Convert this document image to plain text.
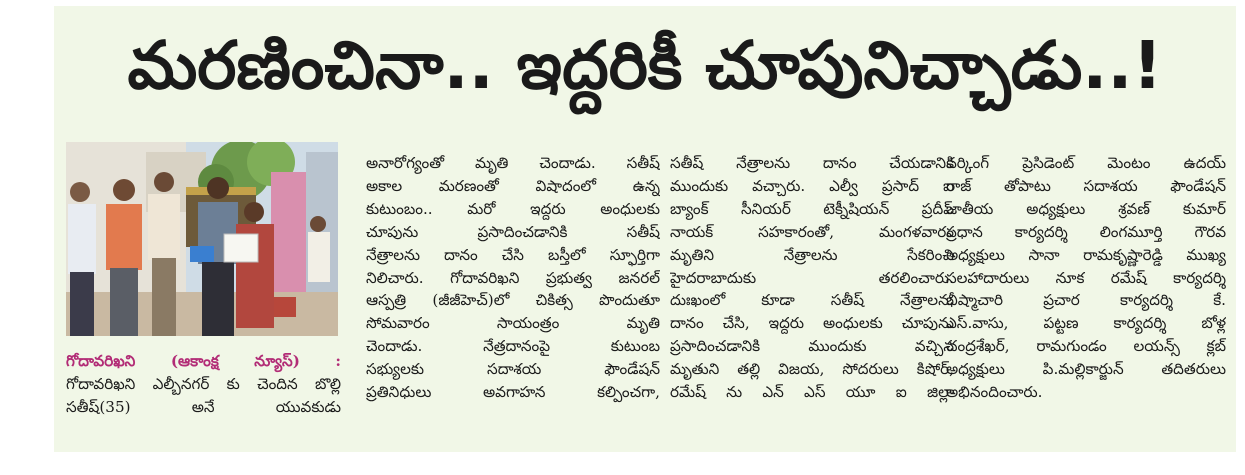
మరణించినా.. ఇద్దరికీ చూపునిచ్చాడు..!
గోదావరిఖని (ఆకాంక్ష న్యూస్) :
గోదావరిఖని ఎల్బీనగర్ కు చెందిన బొల్లి
సతీష్(35) అనే యువకుడు
అనారోగ్యంతో మృతి చెందాడు. సతీష్
అకాల మరణంతో విషాదంలో ఉన్న
కుటుంబం.. మరో ఇద్దరు అంధులకు
చూపును ప్రసాదించడానికి సతీష్
నేత్రాలను దానం చేసి బస్తీలో స్ఫూర్తిగా
నిలిచారు. గోదావరిఖని ప్రభుత్వ జనరల్
ఆస్పత్రి (జీజీహెచ్)లో చికిత్స పొందుతూ
సోమవారం సాయంత్రం మృతి
చెందాడు. నేత్రదానంపై కుటుంబ
సభ్యులకు సదాశయ ఫౌండేషన్
ప్రతినిధులు అవగాహన కల్పించగా,
సతీష్ నేత్రాలను దానం చేయడానికి
ముందుకు వచ్చారు. ఎల్వీ ప్రసాద్ ఐ
బ్యాంక్ సీనియర్ టెక్నీషియన్ ప్రదీప్
నాయక్ సహకారంతో, మంగళవారం
మృతిని నేత్రాలను సేకరించి
హైదరాబాదుకు తరలించారు.
దుఃఖంలో కూడా సతీష్ నేత్రాలను
దానం చేసి, ఇద్దరు అంధులకు చూపును
ప్రసాదించడానికి ముందుకు వచ్చిన
మృతుని తల్లి విజయ, సోదరులు కిషోర్,
రమేష్ ను ఎన్ ఎస్ యూ ఐ జిల్లా
వర్కింగ్ ప్రెసిడెంట్ మెంటం ఉదయ్
రాజ్ తోపాటు సదాశయ ఫౌండేషన్
జాతీయ అధ్యక్షులు శ్రవణ్ కుమార్
ప్రధాన కార్యదర్శి లింగమూర్తి గౌరవ
అధ్యక్షులు సానా రామకృష్ణారెడ్డి ముఖ్య
సలహాదారులు నూక రమేష్ కార్యదర్శి
భీష్మాచారి ప్రచార కార్యదర్శి కే.
ఎస్.వాసు, పట్టణ కార్యదర్శి బోళ్ల
చంద్రశేఖర్, రామగుండం లయన్స్ క్లబ్
అధ్యక్షులు పి.మల్లికార్జున్ తదితరులు
అభినందించారు.
